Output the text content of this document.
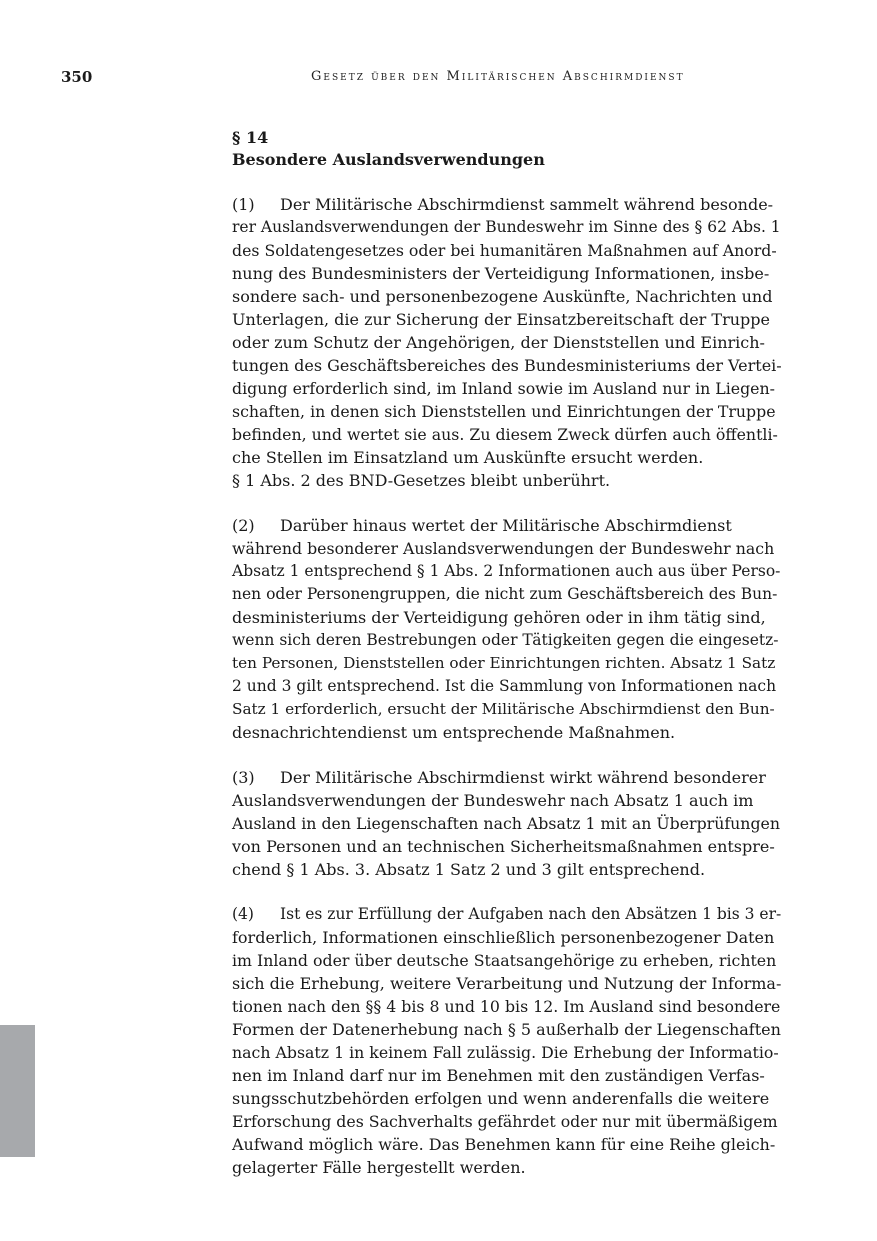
350	Gesetz über den Militärischen Abschirmdienst
§ 14
Besondere Auslandsverwendungen
(1) Der Militärische Abschirmdienst sammelt während besonde-
rer Auslandsverwendungen der Bundeswehr im Sinne des § 62 Abs. 1
des Soldatengesetzes oder bei humanitären Maßnahmen auf Anord-
nung des Bundesministers der Verteidigung Informationen, insbe-
sondere sach- und personenbezogene Auskünfte, Nachrichten und
Unterlagen, die zur Sicherung der Einsatzbereitschaft der Truppe
oder zum Schutz der Angehörigen, der Dienststellen und Einrich-
tungen des Geschäftsbereiches des Bundesministeriums der Vertei-
digung erforderlich sind, im Inland sowie im Ausland nur in Liegen-
schaften, in denen sich Dienststellen und Einrichtungen der Truppe
befinden, und wertet sie aus. Zu diesem Zweck dürfen auch öffentli-
che Stellen im Einsatzland um Auskünfte ersucht werden.
§ 1 Abs. 2 des BND-Gesetzes bleibt unberührt.
(2) Darüber hinaus wertet der Militärische Abschirmdienst
während besonderer Auslandsverwendungen der Bundeswehr nach
Absatz 1 entsprechend § 1 Abs. 2 Informationen auch aus über Perso-
nen oder Personengruppen, die nicht zum Geschäftsbereich des Bun-
desministeriums der Verteidigung gehören oder in ihm tätig sind,
wenn sich deren Bestrebungen oder Tätigkeiten gegen die eingesetz-
ten Personen, Dienststellen oder Einrichtungen richten. Absatz 1 Satz
2 und 3 gilt entsprechend. Ist die Sammlung von Informationen nach
Satz 1 erforderlich, ersucht der Militärische Abschirmdienst den Bun-
desnachrichtendienst um entsprechende Maßnahmen.
(3) Der Militärische Abschirmdienst wirkt während besonderer
Auslandsverwendungen der Bundeswehr nach Absatz 1 auch im
Ausland in den Liegenschaften nach Absatz 1 mit an Überprüfungen
von Personen und an technischen Sicherheitsmaßnahmen entspre-
chend § 1 Abs. 3. Absatz 1 Satz 2 und 3 gilt entsprechend.
(4) Ist es zur Erfüllung der Aufgaben nach den Absätzen 1 bis 3 er-
forderlich, Informationen einschließlich personenbezogener Daten
im Inland oder über deutsche Staatsangehörige zu erheben, richten
sich die Erhebung, weitere Verarbeitung und Nutzung der Informa-
tionen nach den §§ 4 bis 8 und 10 bis 12. Im Ausland sind besondere
Formen der Datenerhebung nach § 5 außerhalb der Liegenschaften
nach Absatz 1 in keinem Fall zulässig. Die Erhebung der Informatio-
nen im Inland darf nur im Benehmen mit den zuständigen Verfas-
sungsschutzbehörden erfolgen und wenn anderenfalls die weitere
Erforschung des Sachverhalts gefährdet oder nur mit übermäßigem
Aufwand möglich wäre. Das Benehmen kann für eine Reihe gleich-
gelagerter Fälle hergestellt werden.
